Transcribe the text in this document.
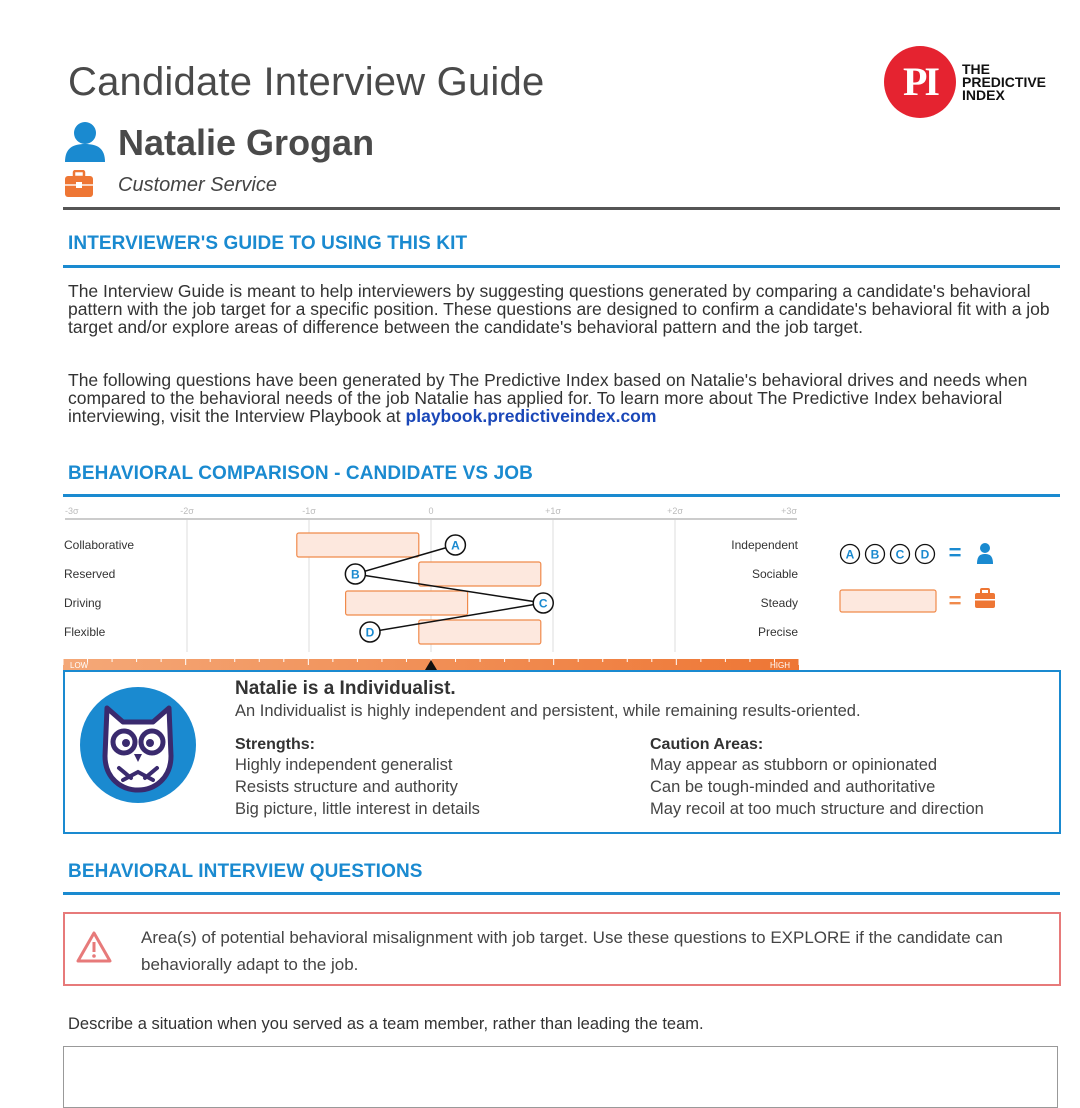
Candidate Interview Guide	PI	THE
PREDICTIVE
INDEX
Natalie Grogan
Customer Service
INTERVIEWER'S GUIDE TO USING THIS KIT
The Interview Guide is meant to help interviewers by suggesting questions generated by comparing a candidate's behavioral pattern with the job target for a specific position. These questions are designed to confirm a candidate's behavioral fit with a job target and/or explore areas of difference between the candidate's behavioral pattern and the job target.
The following questions have been generated by The Predictive Index based on Natalie's behavioral drives and needs when compared to the behavioral needs of the job Natalie has applied for. To learn more about The Predictive Index behavioral interviewing, visit the Interview Playbook at playbook.predictiveindex.com
BEHAVIORAL COMPARISON - CANDIDATE VS JOB
-3σ	-2σ	-1σ	0	+1σ	+2σ	+3σ
A
B
C
D
Collaborative	Independent
Reserved	Sociable
Driving	Steady
Flexible	Precise
LOW	HIGH
A B C D =
=
Natalie is a Individualist.
An Individualist is highly independent and persistent, while remaining results-oriented.
Strengths:
Highly independent generalist
Resists structure and authority
Big picture, little interest in details
Caution Areas:
May appear as stubborn or opinionated
Can be tough-minded and authoritative
May recoil at too much structure and direction
BEHAVIORAL INTERVIEW QUESTIONS
Area(s) of potential behavioral misalignment with job target. Use these questions to EXPLORE if the candidate can behaviorally adapt to the job.
Describe a situation when you served as a team member, rather than leading the team.
